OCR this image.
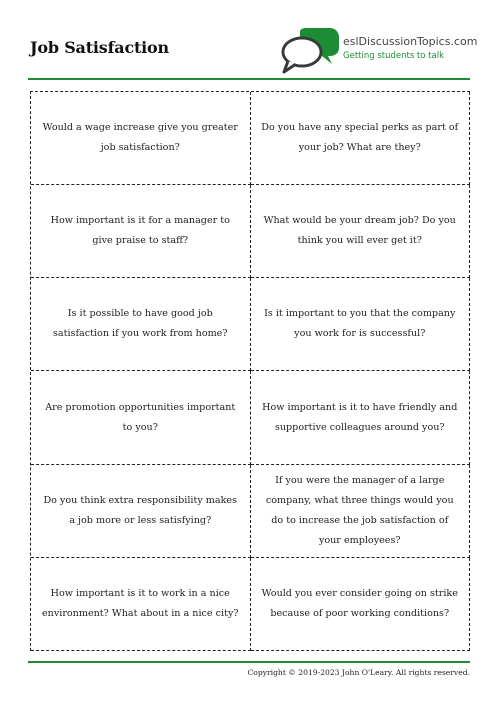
Job Satisfaction	eslDiscussionTopics.com
Getting students to talk
Would a wage increase give you greater job satisfaction?
Do you have any special perks as part of your job? What are they?
How important is it for a manager to give praise to staff?
What would be your dream job? Do you think you will ever get it?
Is it possible to have good job satisfaction if you work from home?
Is it important to you that the company you work for is successful?
Are promotion opportunities important to you?
How important is it to have friendly and supportive colleagues around you?
Do you think extra responsibility makes a job more or less satisfying?
If you were the manager of a large company, what three things would you do to increase the job satisfaction of your employees?
How important is it to work in a nice environment? What about in a nice city?
Would you ever consider going on strike because of poor working conditions?
Copyright © 2019-2023 John O'Leary. All rights reserved.
